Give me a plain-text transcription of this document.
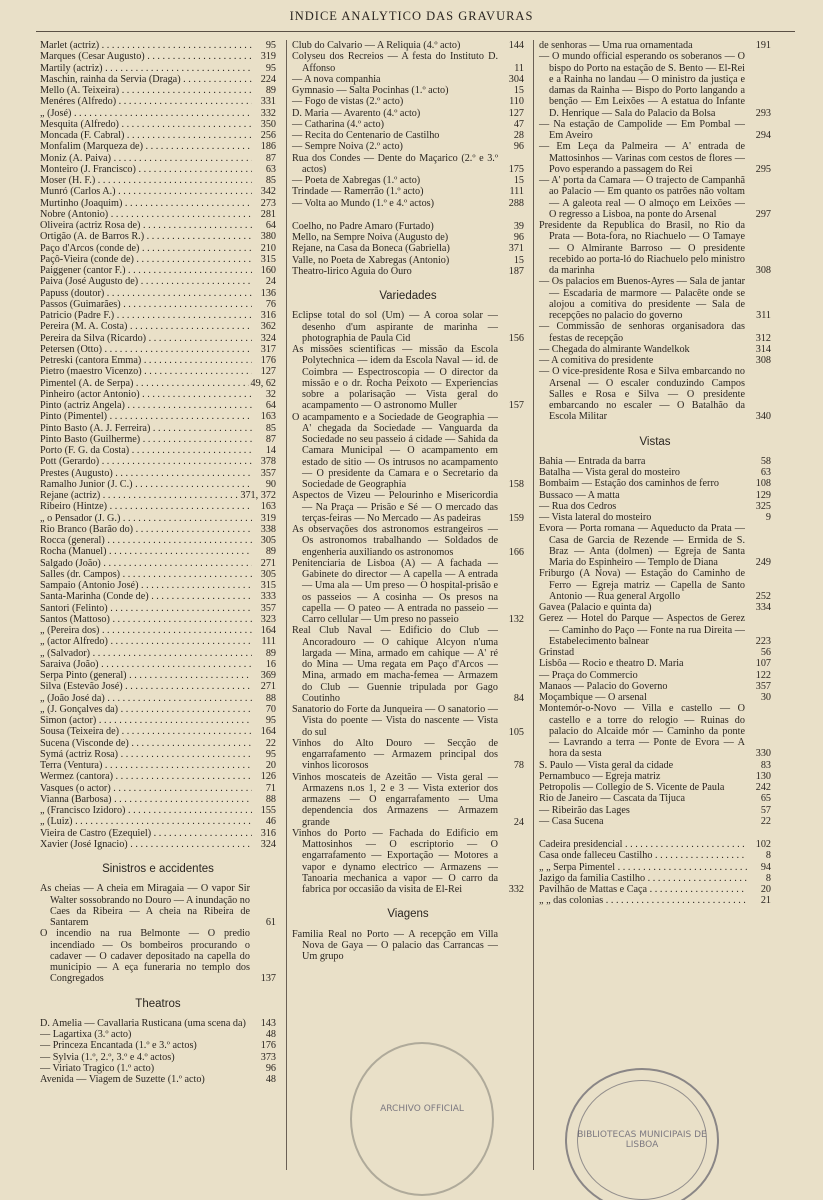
INDICE ANALYTICO DAS GRAVURAS
Marlet (actriz) . . .	95
Marques (Cesar Augusto) . . .	319
Martily (actriz) . . .	95
Maschin, rainha da Servia (Draga) . . .	224
Mello (A. Teixeira) . . .	89
Menéres (Alfredo) . . .	331
„ (José) . . .	332
Mesquita (Alfredo) . . .	350
Moncada (F. Cabral) . . .	256
Monfalim (Marqueza de) . . .	186
Moniz (A. Paiva) . . .	87
Monteiro (J. Francisco) . . .	63
Moser (H. F.) . . .	85
Munró (Carlos A.) . . .	342
Murtinho (Joaquim) . . .	273
Nobre (Antonio) . . .	281
Oliveira (actriz Rosa de) . . .	64
Ortigão (A. de Barros R.) . . .	380
Paço d'Arcos (conde de) . . .	210
Paçô-Vieira (conde de) . . .	315
Paiggener (cantor F.) . . .	160
Paiva (José Augusto de) . . .	24
Papuss (doutor) . . .	136
Passos (Guimarães) . . .	76
Patricio (Padre F.) . . .	316
Pereira (M. A. Costa) . . .	362
Pereira da Silva (Ricardo) . . .	324
Petersen (Otto) . . .	317
Petreski (cantora Emma) . . .	176
Pietro (maestro Vicenzo) . . .	127
Pimentel (A. de Serpa) . . .	49, 62
Pinheiro (actor Antonio) . . .	32
Pinto (actriz Angela) . . .	64
Pinto (Pimentel) . . .	163
Pinto Basto (A. J. Ferreira) . . .	85
Pinto Basto (Guilherme) . . .	87
Porto (F. G. da Costa) . . .	14
Pott (Gerardo) . . .	378
Prestes (Augusto) . . .	357
Ramalho Junior (J. C.) . . .	90
Rejane (actriz) . . .	371, 372
Ribeiro (Hintze) . . .	163
„ o Pensador (J. G.) . . .	319
Rio Branco (Barão do) . . .	338
Rocca (general) . . .	305
Rocha (Manuel) . . .	89
Salgado (João) . . .	271
Salles (dr. Campos) . . .	305
Sampaio (Antonio José) . . .	315
Santa-Marinha (Conde de) . . .	333
Santori (Felinto) . . .	357
Santos (Mattoso) . . .	323
„ (Pereira dos) . . .	164
„ (actor Alfredo) . . .	111
„ (Salvador) . . .	89
Saraiva (João) . . .	16
Serpa Pinto (general) . . .	369
Silva (Estevão José) . . .	271
„ (João José da) . . .	88
„ (J. Gonçalves da) . . .	70
Simon (actor) . . .	95
Sousa (Teixeira de) . . .	164
Sucena (Visconde de) . . .	22
Symá (actriz Rosa) . . .	95
Terra (Ventura) . . .	20
Wermez (cantora) . . .	126
Vasques (o actor) . . .	71
Vianna (Barbosa) . . .	88
„ (Francisco Izidoro) . . .	155
„ (Luiz) . . .	46
Vieira de Castro (Ezequiel) . . .	316
Xavier (José Ignacio) . . .	324
Sinistros e accidentes
As cheias — A cheia em Miragaia — O vapor Sir Walter sossobrando no Douro — A inundação no Caes da Ribeira — A cheia na Ribeira de Santarem	61
O incendio na rua Belmonte — O predio incendiado — Os bombeiros procurando o cadaver — O cadaver depositado na capella do municipio — A eça funeraria no templo dos Congregados	137
Theatros
D. Amelia — Cavallaria Rusticana (uma scena da)	143
— Lagartixa (3.º acto)	48
— Princeza Encantada (1.º e 3.º actos)	176
— Sylvia (1.º, 2.º, 3.º e 4.º actos)	373
— Viriato Tragico (1.º acto)	96
Avenida — Viagem de Suzette (1.º acto)	48
Club do Calvario — A Reliquia (4.º acto)	144
Colyseu dos Recreios — A festa do Instituto D. Affonso	11
— A nova companhia	304
Gymnasio — Salta Pocinhas (1.º acto)	15
— Fogo de vistas (2.º acto)	110
D. Maria — Avarento (4.º acto)	127
— Catharina (4.º acto)	47
— Recita do Centenario de Castilho	28
— Sempre Noiva (2.º acto)	96
Rua dos Condes — Dente do Maçarico (2.º e 3.º actos)	175
— Poeta de Xabregas (1.º acto)	15
Trindade — Ramerrão (1.º acto)	111
— Volta ao Mundo (1.º e 4.º actos)	288
Coelho, no Padre Amaro (Furtado)	39
Mello, na Sempre Noiva (Augusto de)	96
Rejane, na Casa da Boneca (Gabriella)	371
Valle, no Poeta de Xabregas (Antonio)	15
Theatro-lirico Aguia do Ouro	187
Variedades
Eclipse total do sol (Um) — A coroa solar — desenho d'um aspirante de marinha — photographia de Paula Cid	156
As missões scientificas — missão da Escola Polytechnica — idem da Escola Naval — id. de Coimbra — Espectroscopia — O director da missão e o dr. Rocha Peixoto — Experiencias sobre a polarisação — Vista geral do acampamento — O astronomo Muller	157
O acampamento e a Sociedade de Geographia — A' chegada da Sociedade — Vanguarda da Sociedade no seu passeio á cidade — Sahida da Camara Municipal — O acampamento em estado de sitio — Os intrusos no acampamento — O presidente da Camara e o Secretario da Sociedade de Geographia	158
Aspectos de Vizeu — Pelourinho e Misericordia — Na Praça — Prisão e Sé — O mercado das terças-feiras — No Mercado — As padeiras	159
As observações dos astronomos estrangeiros — Os astronomos trabalhando — Soldados de engenheria auxiliando os astronomos	166
Penitenciaria de Lisboa (A) — A fachada — Gabinete do director — A capella — A entrada — Uma ala — Um preso — O hospital-prisão e os passeios — A cosinha — Os presos na capella — O pateo — A entrada no passeio — Carro cellular — Um preso no passeio	132
Real Club Naval — Edificio do Club — Ancoradouro — O cahique Alcyon n'uma largada — Mina, armado em cahique — A' ré do Mina — Uma regata em Paço d'Arcos — Mina, armado em macha-femea — Armazem do Club — Guennie tripulada por Gago Coutinho	84
Sanatorio do Forte da Junqueira — O sanatorio — Vista do poente — Vista do nascente — Vista do sul	105
Vinhos do Alto Douro — Secção de engarrafamento — Armazem principal dos vinhos licorosos	78
Vinhos moscateis de Azeitão — Vista geral — Armazens n.os 1, 2 e 3 — Vista exterior dos armazens — O engarrafamento — Uma dependencia dos Armazens — Armazem grande	24
Vinhos do Porto — Fachada do Edificio em Mattosinhos — O escriptorio — O engarrafamento — Exportação — Motores a vapor e dynamo electrico — Armazens — Tanoaria mechanica a vapor — O carro da fabrica por occasião da visita de El-Rei	332
Viagens
Familia Real no Porto — A recepção em Villa Nova de Gaya — O palacio das Carrancas — Um grupo
de senhoras — Uma rua ornamentada	191
— O mundo official esperando os soberanos — O bispo do Porto na estação de S. Bento — El-Rei e a Rainha no landau — O ministro da justiça e damas da Rainha — Bispo do Porto langando a benção — Em Leixões — A estatua do Infante D. Henrique — Sala do Palacio da Bolsa	293
— Na estação de Campolide — Em Pombal — Em Aveiro	294
— Em Leça da Palmeira — A' entrada de Mattosinhos — Varinas com cestos de flores — Povo esperando a passagem do Rei	295
— A' porta da Camara — O trajecto de Campanhã ao Palacio — Em quanto os patrões não voltam — A galeota real — O almoço em Leixões — O regresso a Lisboa, na ponte do Arsenal	297
Presidente da Republica do Brasil, no Rio da Prata — Bota-fora, no Riachuelo — O Tamaye — O Almirante Barroso — O presidente recebido ao porta-ló do Riachuelo pelo ministro da marinha	308
— Os palacios em Buenos-Ayres — Sala de jantar — Escadaria de marmore — Palacête onde se alojou a comitiva do presidente — Sala de recepções no palacio do governo	311
— Commissão de senhoras organisadora das festas de recepção	312
— Chegada do almirante Wandelkok	314
— A comitiva do presidente	308
— O vice-presidente Rosa e Silva embarcando no Arsenal — O escaler conduzindo Campos Salles e Rosa e Silva — O presidente embarcando no escaler — O Batalhão da Escola Militar	340
Vistas
Bahia — Entrada da barra	58
Batalha — Vista geral do mosteiro	63
Bombaim — Estação dos caminhos de ferro	108
Bussaco — A matta	129
— Rua dos Cedros	325
— Vista lateral do mosteiro	9
Evora — Porta romana — Aqueducto da Prata — Casa de Garcia de Rezende — Ermida de S. Braz — Anta (dolmen) — Egreja de Santa Maria do Espinheiro — Templo de Diana	249
Friburgo (A Nova) — Estação do Caminho de Ferro — Egreja matriz — Capella de Santo Antonio — Rua general Argollo	252
Gavea (Palacio e quinta da)	334
Gerez — Hotel do Parque — Aspectos de Gerez — Caminho do Paço — Fonte na rua Direita — Estabelecimento balnear	223
Grinstad	56
Lisbôa — Rocio e theatro D. Maria	107
— Praça do Commercio	122
Manaos — Palacio do Governo	357
Moçambique — O arsenal	30
Montemór-o-Novo — Villa e castello — O castello e a torre do relogio — Ruinas do palacio do Alcaide mór — Caminho da ponte — Lavrando a terra — Ponte de Evora — A hora da sesta	330
S. Paulo — Vista geral da cidade	83
Pernambuco — Egreja matriz	130
Petropolis — Collegio de S. Vicente de Paula	242
Rio de Janeiro — Cascata da Tijuca	65
— Ribeirão das Lages	57
— Casa Sucena	22
Cadeira presidencial . . .	102
Casa onde falleceu Castilho . . .	8
„ „ Serpa Pimentel . . .	94
Jazigo da familia Castilho . . .	8
Pavilhão de Mattas e Caça . . .	20
„ „ das colonias . . .	21
ARCHIVO OFFICIAL
BIBLIOTECAS MUNICIPAIS DE LISBOA
